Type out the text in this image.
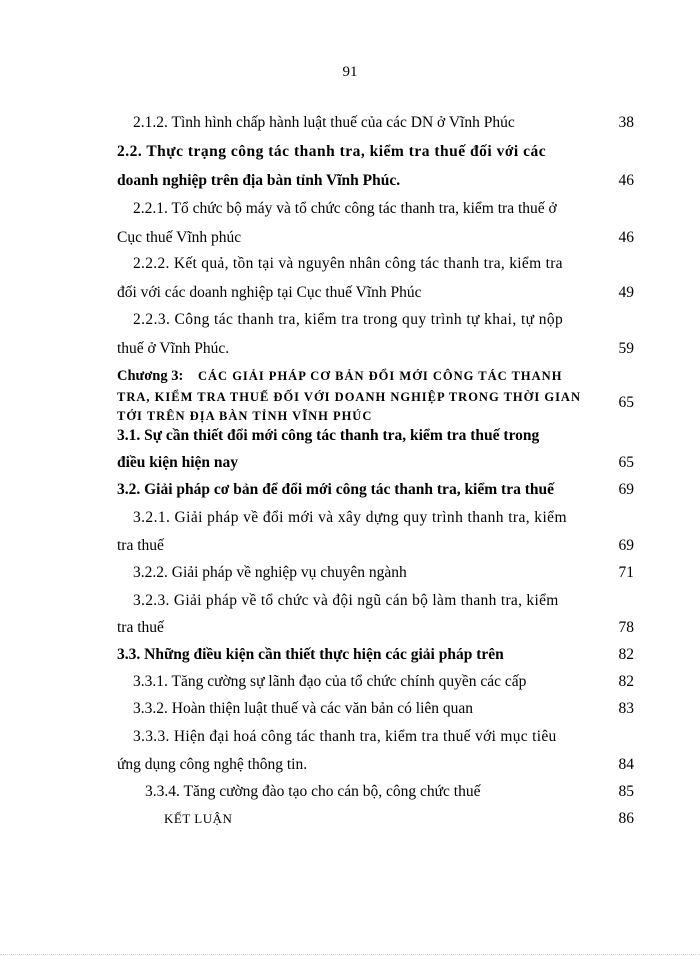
91
2.1.2. Tình hình chấp hành luật thuế của các DN ở Vĩnh Phúc	38
2.2. Thực trạng công tác thanh tra, kiểm tra thuế đối với các
doanh nghiệp trên địa bàn tỉnh Vĩnh Phúc.	46
2.2.1. Tổ chức bộ máy và tổ chức công tác thanh tra, kiểm tra thuế ở
Cục thuế Vĩnh phúc	46
2.2.2. Kết quả, tồn tại và nguyên nhân công tác thanh tra, kiểm tra
đối với các doanh nghiệp tại Cục thuế Vĩnh Phúc	49
2.2.3. Công tác thanh tra, kiểm tra trong quy trình tự khai, tự nộp
thuế ở Vĩnh Phúc.	59
Chương 3: CÁC GIẢI PHÁP CƠ BẢN ĐỔI MỚI CÔNG TÁC THANH
TRA, KIỂM TRA THUẾ ĐỐI VỚI DOANH NGHIỆP TRONG THỜI GIAN	65
TỚI TRÊN ĐỊA BÀN TỈNH VĨNH PHÚC
3.1. Sự cần thiết đổi mới công tác thanh tra, kiểm tra thuế trong
điều kiện hiện nay	65
3.2. Giải pháp cơ bản để đổi mới công tác thanh tra, kiểm tra thuế	69
3.2.1. Giải pháp về đổi mới và xây dựng quy trình thanh tra, kiểm
tra thuế	69
3.2.2. Giải pháp về nghiệp vụ chuyên ngành	71
3.2.3. Giải pháp về tổ chức và đội ngũ cán bộ làm thanh tra, kiểm
tra thuế	78
3.3. Những điều kiện cần thiết thực hiện các giải pháp trên	82
3.3.1. Tăng cường sự lãnh đạo của tổ chức chính quyền các cấp	82
3.3.2. Hoàn thiện luật thuế và các văn bản có liên quan	83
3.3.3. Hiện đại hoá công tác thanh tra, kiểm tra thuế với mục tiêu
ứng dụng công nghệ thông tin.	84
3.3.4. Tăng cường đào tạo cho cán bộ, công chức thuế	85
KẾT LUẬN	86
